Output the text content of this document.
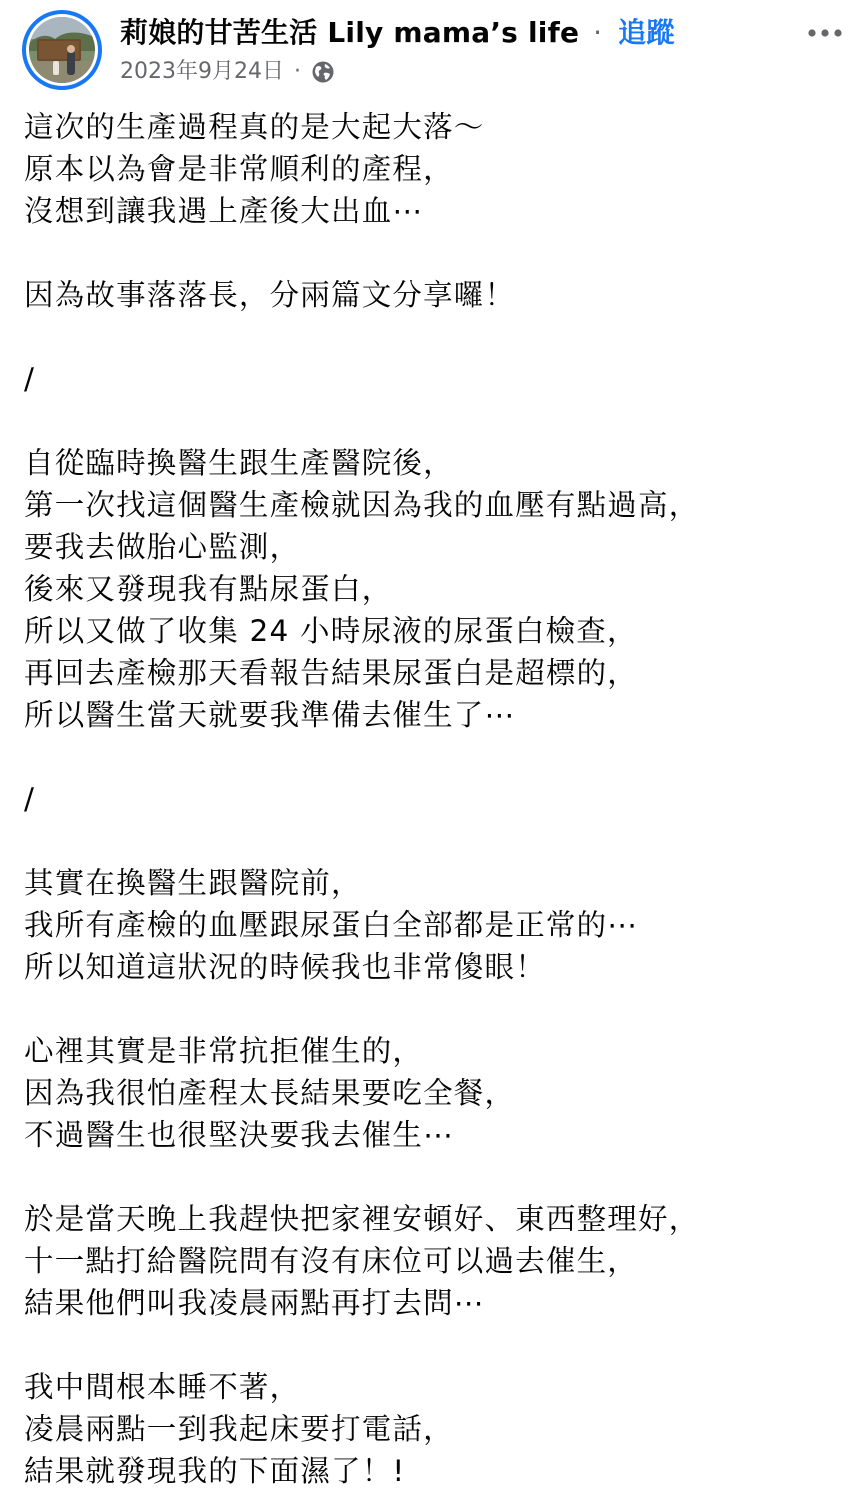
莉娘的甘苦生活 Lily mama’s life · 追蹤
2023年9月24日 ·
這次的生產過程真的是大起大落～
原本以為會是非常順利的產程，
沒想到讓我遇上產後大出血⋯
因為故事落落長，分兩篇文分享囉！
/
自從臨時換醫生跟生產醫院後，
第一次找這個醫生產檢就因為我的血壓有點過高，
要我去做胎心監測，
後來又發現我有點尿蛋白，
所以又做了收集 24 小時尿液的尿蛋白檢查，
再回去產檢那天看報告結果尿蛋白是超標的，
所以醫生當天就要我準備去催生了⋯
/
其實在換醫生跟醫院前，
我所有產檢的血壓跟尿蛋白全部都是正常的⋯
所以知道這狀況的時候我也非常傻眼！
心裡其實是非常抗拒催生的，
因為我很怕產程太長結果要吃全餐，
不過醫生也很堅決要我去催生⋯
於是當天晚上我趕快把家裡安頓好、東西整理好，
十一點打給醫院問有沒有床位可以過去催生，
結果他們叫我凌晨兩點再打去問⋯
我中間根本睡不著，
凌晨兩點一到我起床要打電話，
結果就發現我的下面濕了！!
